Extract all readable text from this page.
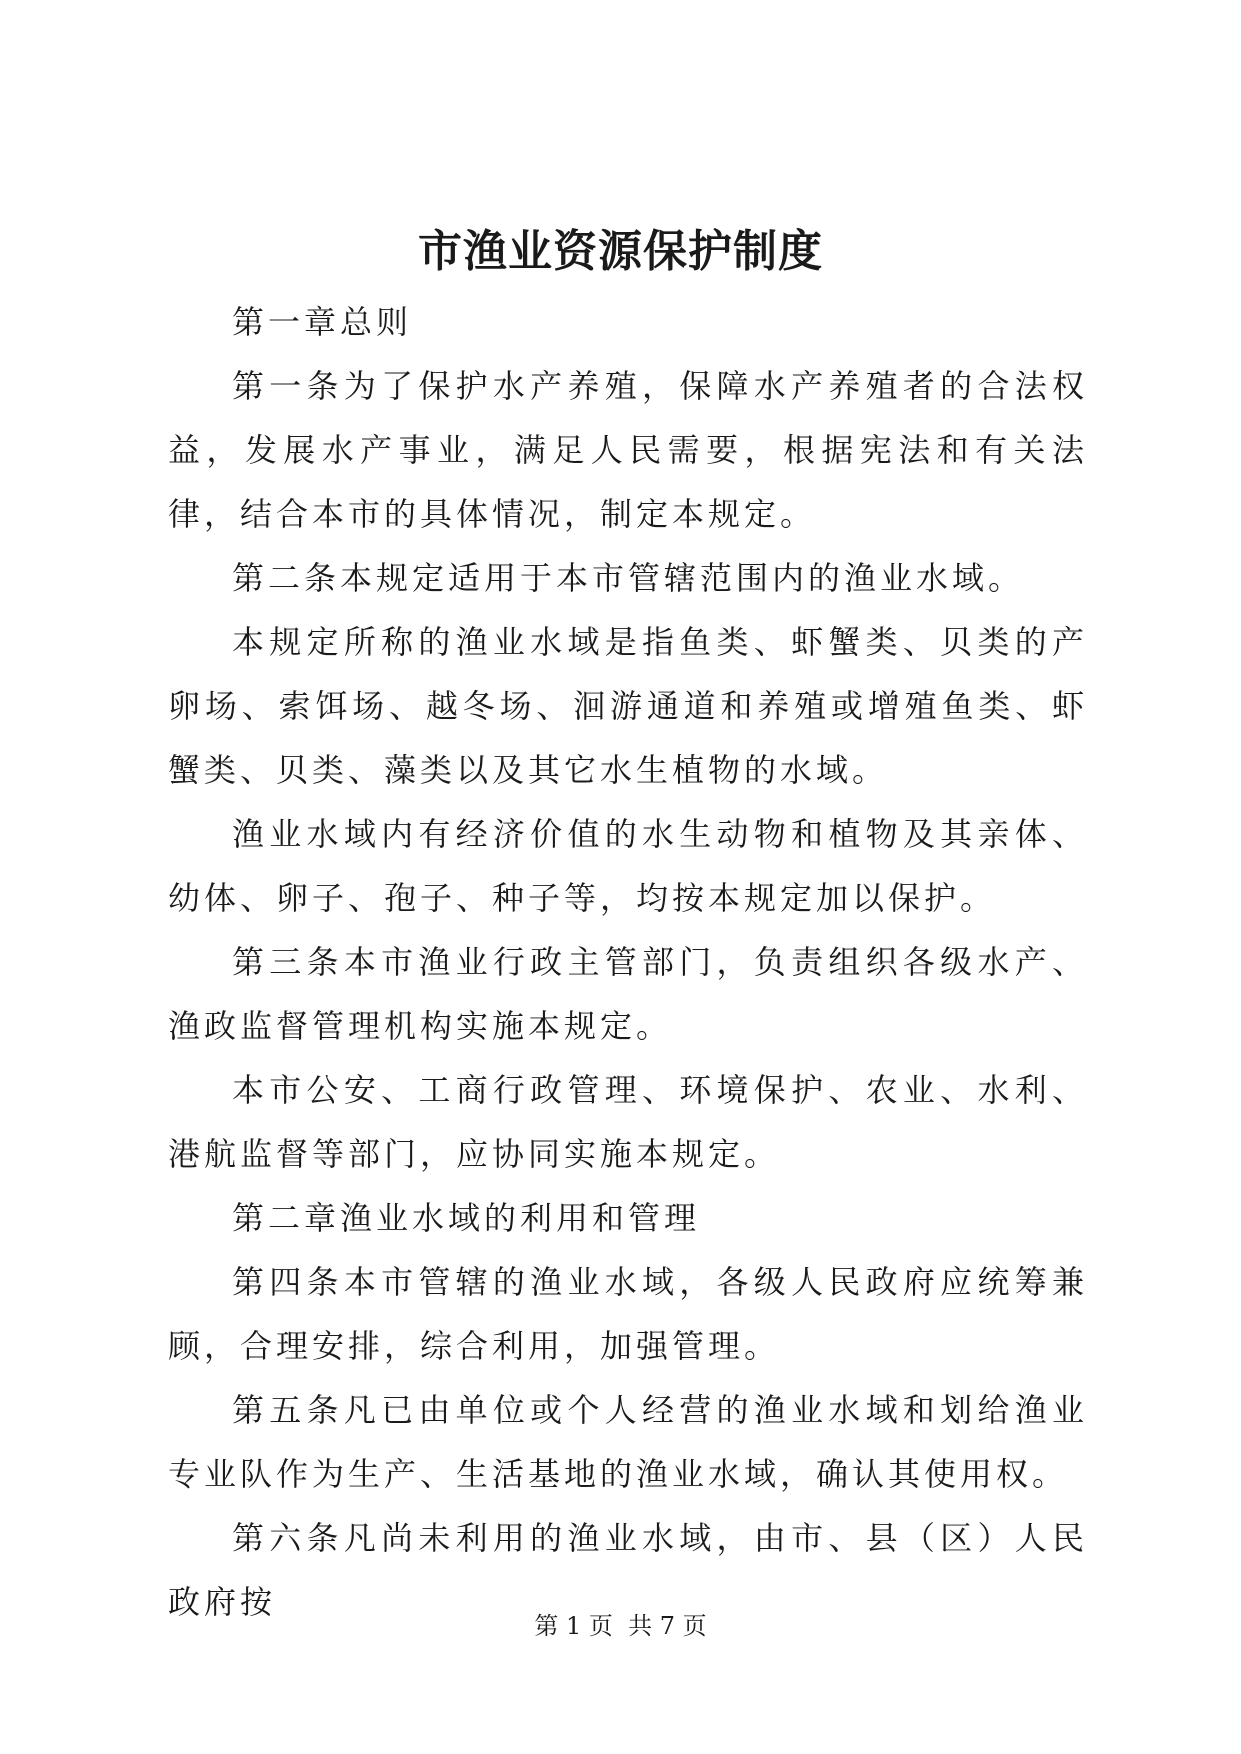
市渔业资源保护制度

第一章总则

第一条为了保护水产养殖，保障水产养殖者的合法权益，发展水产事业，满足人民需要，根据宪法和有关法律，结合本市的具体情况，制定本规定。

第二条本规定适用于本市管辖范围内的渔业水域。

本规定所称的渔业水域是指鱼类、虾蟹类、贝类的产卵场、索饵场、越冬场、洄游通道和养殖或增殖鱼类、虾蟹类、贝类、藻类以及其它水生植物的水域。

渔业水域内有经济价值的水生动物和植物及其亲体、幼体、卵子、孢子、种子等，均按本规定加以保护。

第三条本市渔业行政主管部门，负责组织各级水产、渔政监督管理机构实施本规定。

本市公安、工商行政管理、环境保护、农业、水利、港航监督等部门，应协同实施本规定。

第二章渔业水域的利用和管理

第四条本市管辖的渔业水域，各级人民政府应统筹兼顾，合理安排，综合利用，加强管理。

第五条凡已由单位或个人经营的渔业水域和划给渔业专业队作为生产、生活基地的渔业水域，确认其使用权。

第六条凡尚未利用的渔业水域，由市、县（区）人民政府按

第 1 页  共 7 页
